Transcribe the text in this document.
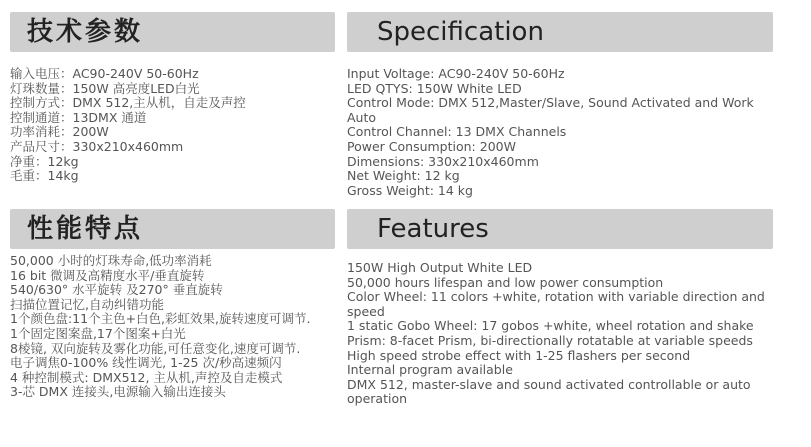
技术参数
输入电压：AC90-240V 50-60Hz
灯珠数量：150W 高亮度LED白光
控制方式：DMX 512,主从机，自走及声控
控制通道：13DMX 通道
功率消耗：200W
产品尺寸：330x210x460mm
净重：12kg
毛重：14kg
性能特点
50,000 小时的灯珠寿命,低功率消耗
16 bit 微调及高精度水平/垂直旋转
540/630° 水平旋转 及270° 垂直旋转
扫描位置记忆,自动纠错功能
1个颜色盘:11个主色+白色,彩虹效果,旋转速度可调节.
1个固定图案盘,17个图案+白光
8棱镜, 双向旋转及雾化功能,可任意变化,速度可调节.
电子调焦0-100% 线性调光, 1-25 次/秒高速频闪
4 种控制模式: DMX512, 主从机,声控及自走模式
3-芯 DMX 连接头,电源输入输出连接头
Specification
Input Voltage: AC90-240V 50-60Hz
LED QTYS: 150W White LED
Control Mode: DMX 512,Master/Slave, Sound Activated and Work Auto
Control Channel: 13 DMX Channels
Power Consumption: 200W
Dimensions: 330x210x460mm
Net Weight: 12 kg
Gross Weight: 14 kg
Features
150W High Output White LED
50,000 hours lifespan and low power consumption
Color Wheel: 11 colors +white, rotation with variable direction and speed
1 static Gobo Wheel: 17 gobos +white, wheel rotation and shake
Prism: 8-facet Prism, bi-directionally rotatable at variable speeds
High speed strobe effect with 1-25 flashers per second
Internal program available
DMX 512, master-slave and sound activated controllable or auto operation
